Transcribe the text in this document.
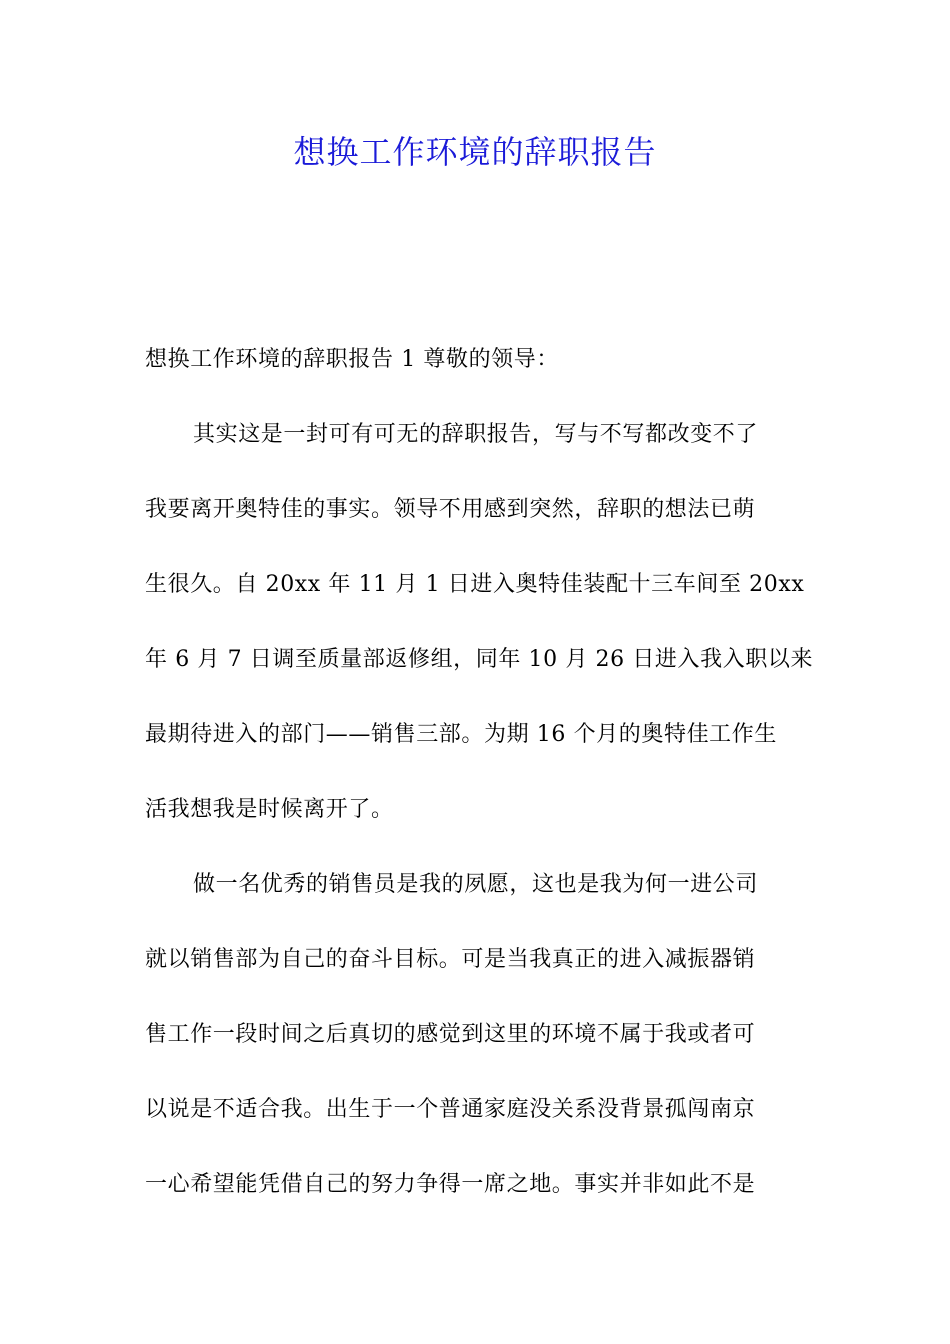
想换工作环境的辞职报告
想换工作环境的辞职报告 1 尊敬的领导：
其实这是一封可有可无的辞职报告，写与不写都改变不了
我要离开奥特佳的事实。领导不用感到突然，辞职的想法已萌
生很久。自 20xx 年 11 月 1 日进入奥特佳装配十三车间至 20xx
年 6 月 7 日调至质量部返修组，同年 10 月 26 日进入我入职以来
最期待进入的部门——销售三部。为期 16 个月的奥特佳工作生
活我想我是时候离开了。
做一名优秀的销售员是我的夙愿，这也是我为何一进公司
就以销售部为自己的奋斗目标。可是当我真正的进入减振器销
售工作一段时间之后真切的感觉到这里的环境不属于我或者可
以说是不适合我。出生于一个普通家庭没关系没背景孤闯南京
一心希望能凭借自己的努力争得一席之地。事实并非如此不是
